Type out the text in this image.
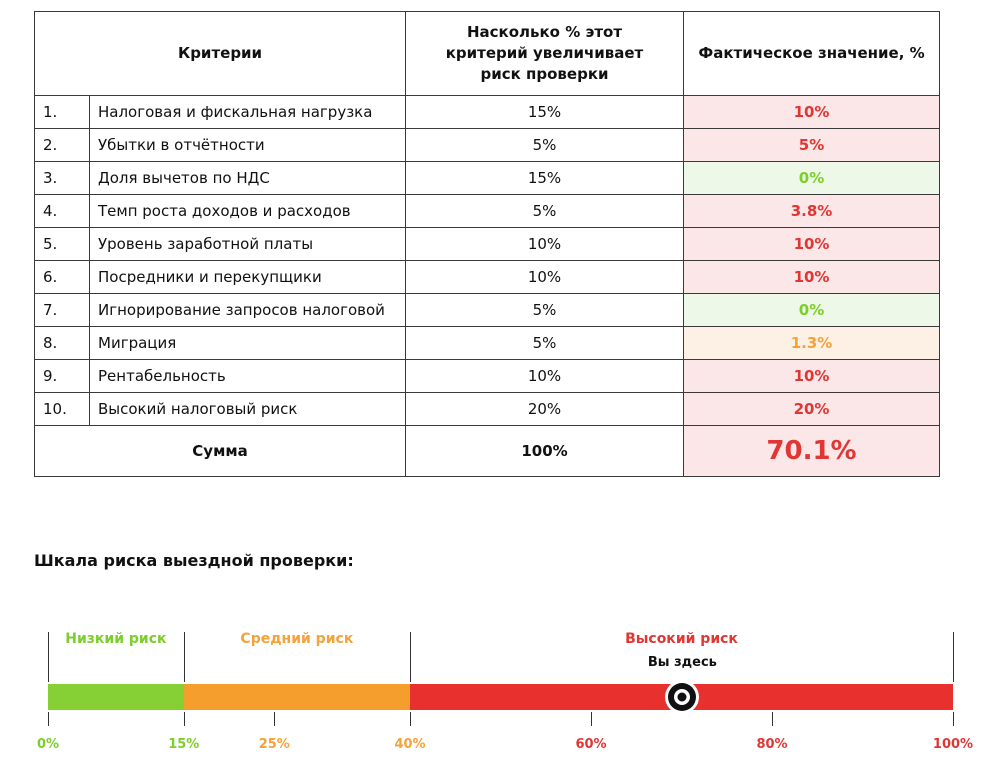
Критерии		Насколько % этот критерий увеличивает риск проверки	Фактическое значение, %

1.	Налоговая и фискальная нагрузка	15%	10%
2.	Убытки в отчётности	5%	5%
3.	Доля вычетов по НДС	15%	0%
4.	Темп роста доходов и расходов	5%	3.8%
5.	Уровень заработной платы	10%	10%
6.	Посредники и перекупщики	10%	10%
7.	Игнорирование запросов налоговой	5%	0%
8.	Миграция	5%	1.3%
9.	Рентабельность	10%	10%
10.	Высокий налоговый риск	20%	20%
Сумма		100%	70.1%
Шкала риска выездной проверки:
Низкий риск	Средний риск	Высокий риск
0%	15%	25%	40%	60%	80%	100%
Вы здесь
